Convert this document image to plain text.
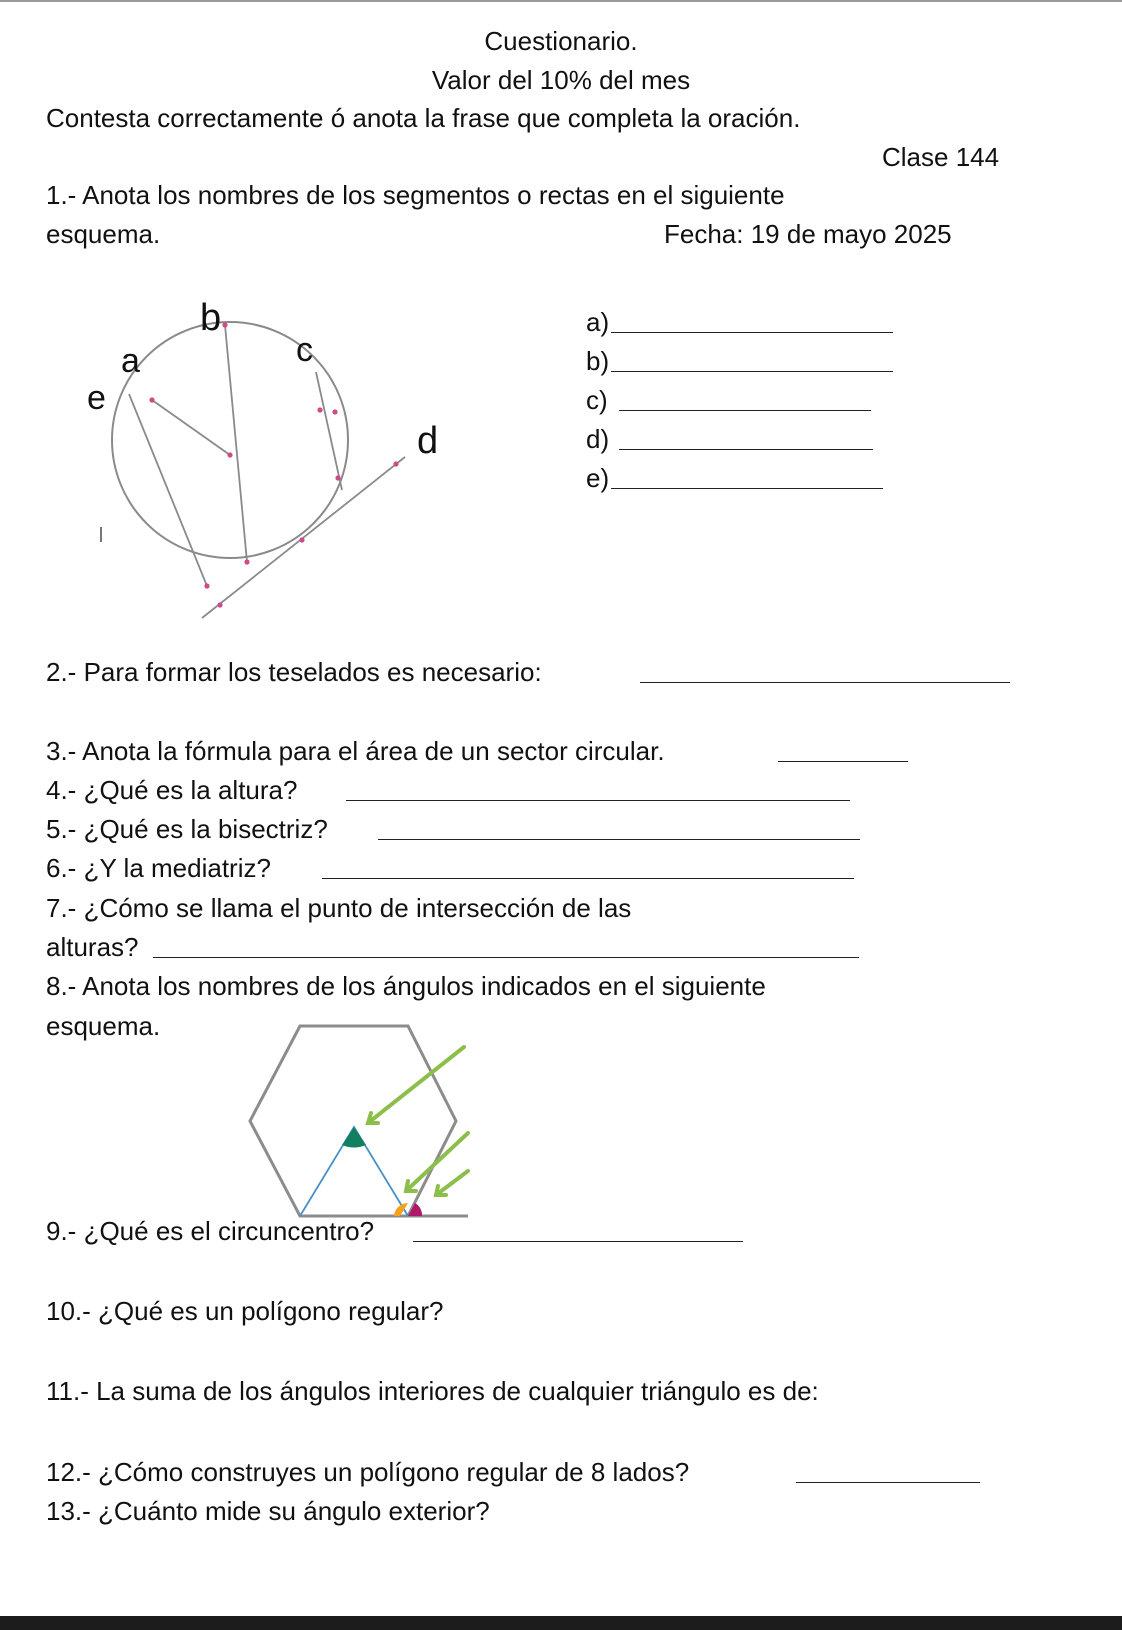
Cuestionario.
Valor del 10% del mes
Contesta correctamente ó anota la frase que completa la oración.
Clase 144
1.- Anota los nombres de los segmentos o rectas en el siguiente
esquema.	Fecha: 19 de mayo 2025
b
a	c
e
d
a)
b)
c)
d)
e)
2.- Para formar los teselados es necesario:
3.- Anota la fórmula para el área de un sector circular.
4.- ¿Qué es la altura?
5.- ¿Qué es la bisectriz?
6.- ¿Y la mediatriz?
7.- ¿Cómo se llama el punto de intersección de las
alturas?
8.- Anota los nombres de los ángulos indicados en el siguiente
esquema.
9.- ¿Qué es el circuncentro?
10.- ¿Qué es un polígono regular?
11.- La suma de los ángulos interiores de cualquier triángulo es de:
12.- ¿Cómo construyes un polígono regular de 8 lados?
13.- ¿Cuánto mide su ángulo exterior?
